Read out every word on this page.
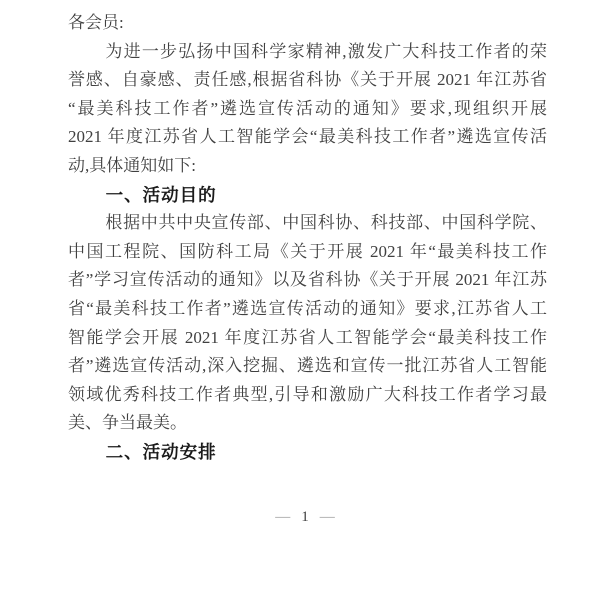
各会员:
为进一步弘扬中国科学家精神,激发广大科技工作者的荣
誉感、自豪感、责任感,根据省科协《关于开展 2021 年江苏省
“最美科技工作者”遴选宣传活动的通知》要求,现组织开展
2021 年度江苏省人工智能学会“最美科技工作者”遴选宣传活
动,具体通知如下:
一、活动目的
根据中共中央宣传部、中国科协、科技部、中国科学院、
中国工程院、国防科工局《关于开展 2021 年“最美科技工作
者”学习宣传活动的通知》以及省科协《关于开展 2021 年江苏
省“最美科技工作者”遴选宣传活动的通知》要求,江苏省人工
智能学会开展 2021 年度江苏省人工智能学会“最美科技工作
者”遴选宣传活动,深入挖掘、遴选和宣传一批江苏省人工智能
领域优秀科技工作者典型,引导和激励广大科技工作者学习最
美、争当最美。
二、活动安排
— 1 —
